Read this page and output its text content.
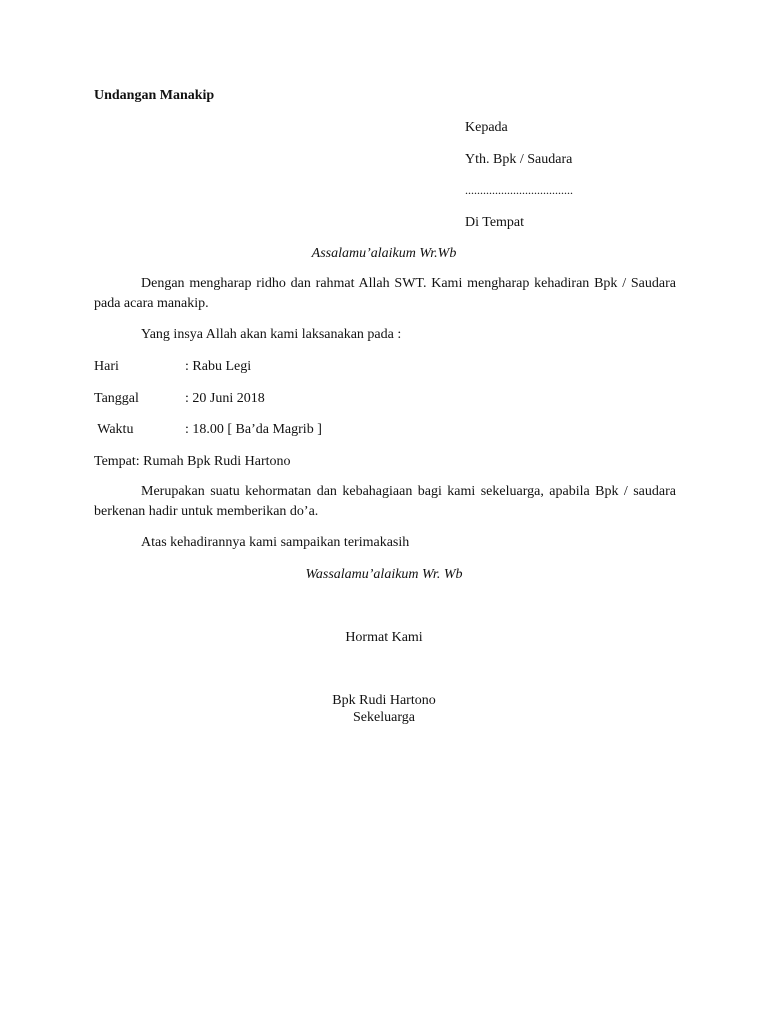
Undangan Manakip
Kepada
Yth. Bpk / Saudara
....................................
Di Tempat
Assalamu’alaikum Wr.Wb
Dengan mengharap ridho dan rahmat Allah SWT. Kami mengharap kehadiran Bpk / Saudara pada acara manakip.
Yang insya Allah akan kami laksanakan pada :
Hari	: Rabu Legi
Tanggal	: 20 Juni 2018
Waktu	: 18.00 [ Ba’da Magrib ]
Tempat: Rumah Bpk Rudi Hartono
Merupakan suatu kehormatan dan kebahagiaan bagi kami sekeluarga, apabila Bpk / saudara berkenan hadir untuk memberikan do’a.
Atas kehadirannya kami sampaikan terimakasih
Wassalamu’alaikum Wr. Wb
Hormat Kami
Bpk Rudi Hartono
Sekeluarga
